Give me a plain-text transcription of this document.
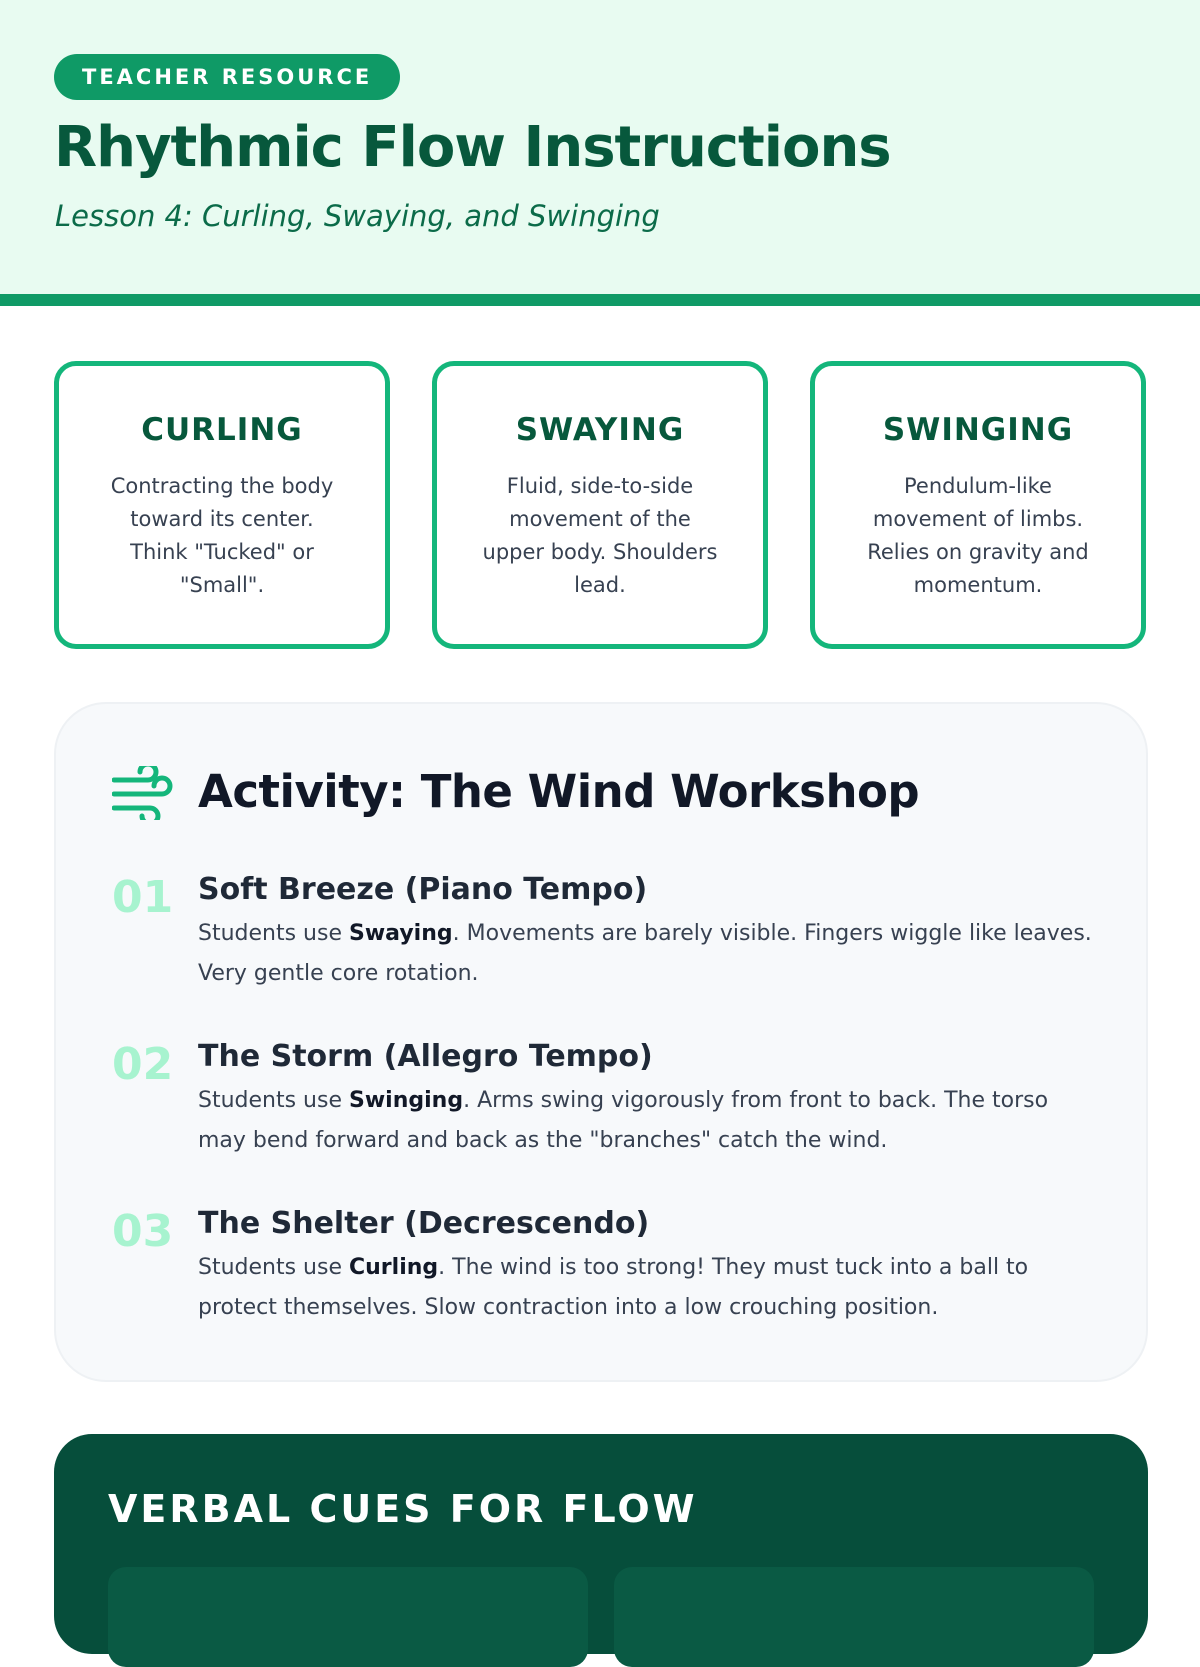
TEACHER RESOURCE
Rhythmic Flow Instructions

Lesson 4: Curling, Swaying, and Swinging

CURLING

Contracting the body toward its center. Think "Tucked" or "Small".

SWAYING

Fluid, side-to-side movement of the upper body. Shoulders lead.

SWINGING

Pendulum-like movement of limbs. Relies on gravity and momentum.

Activity: The Wind Workshop
01 Soft Breeze (Piano Tempo)

Students use Swaying. Movements are barely visible. Fingers wiggle like leaves. Very gentle core rotation.

02 The Storm (Allegro Tempo)

Students use Swinging. Arms swing vigorously from front to back. The torso may bend forward and back as the "branches" catch the wind.

03 The Shelter (Decrescendo)

Students use Curling. The wind is too strong! They must tuck into a ball to protect themselves. Slow contraction into a low crouching position.

VERBAL CUES FOR FLOW
